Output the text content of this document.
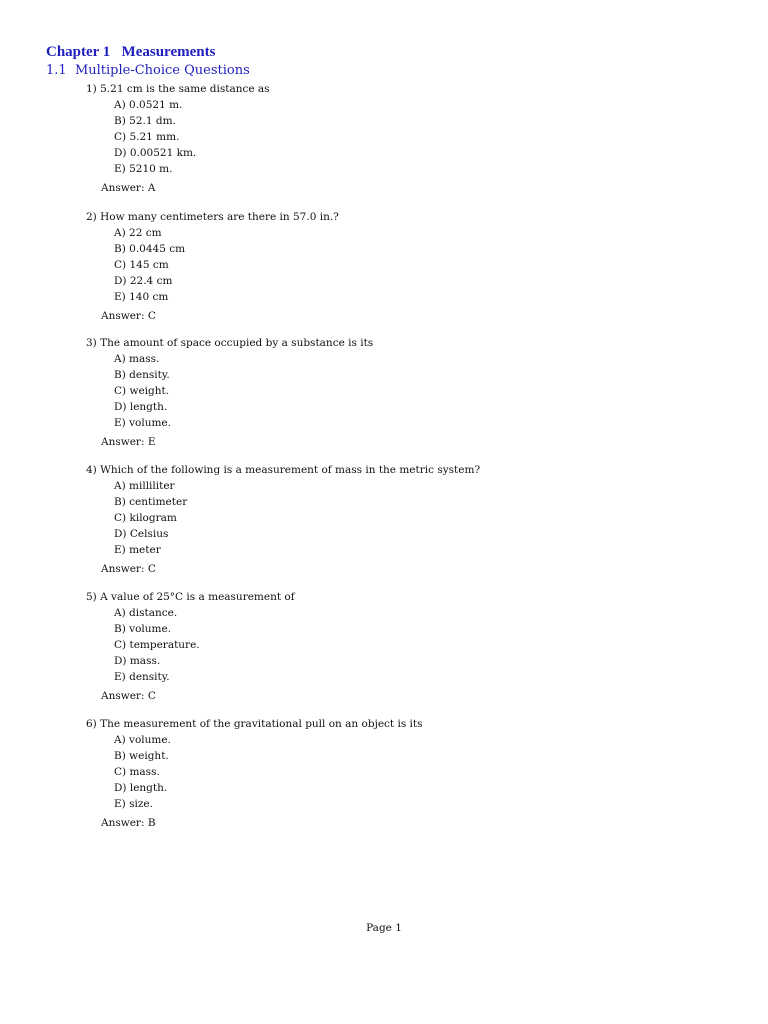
Chapter 1   Measurements
1.1  Multiple-Choice Questions
1) 5.21 cm is the same distance as
A) 0.0521 m.
B) 52.1 dm.
C) 5.21 mm.
D) 0.00521 km.
E) 5210 m.
Answer: A
2) How many centimeters are there in 57.0 in.?
A) 22 cm
B) 0.0445 cm
C) 145 cm
D) 22.4 cm
E) 140 cm
Answer: C
3) The amount of space occupied by a substance is its
A) mass.
B) density.
C) weight.
D) length.
E) volume.
Answer: E
4) Which of the following is a measurement of mass in the metric system?
A) milliliter
B) centimeter
C) kilogram
D) Celsius
E) meter
Answer: C
5) A value of 25°C is a measurement of
A) distance.
B) volume.
C) temperature.
D) mass.
E) density.
Answer: C
6) The measurement of the gravitational pull on an object is its
A) volume.
B) weight.
C) mass.
D) length.
E) size.
Answer: B
Page 1
